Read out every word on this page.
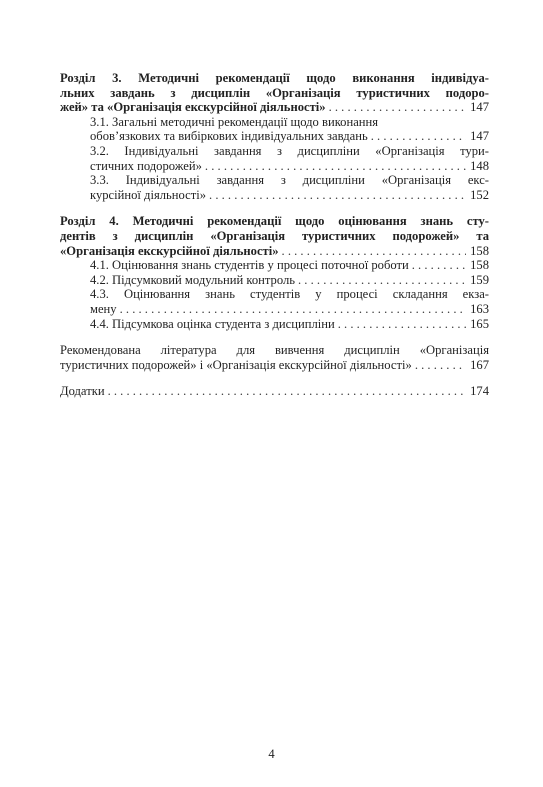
Розділ 3. Методичні рекомендації щодо виконання індивідуа-
льних завдань з дисциплін «Організація туристичних подоро-
жей» та «Організація екскурсійної діяльності» . . .	147
3.1. Загальні методичні рекомендації щодо виконання
обов’язкових та вибіркових індивідуальних завдань . . .	147
3.2. Індивідуальні завдання з дисципліни «Організація тури-
стичних подорожей» . . .	148
3.3. Індивідуальні завдання з дисципліни «Організація екс-
курсійної діяльності» . . .	152
Розділ 4. Методичні рекомендації щодо оцінювання знань сту-
дентів з дисциплін «Організація туристичних подорожей» та
«Організація екскурсійної діяльності» . . .	158
4.1. Оцінювання знань студентів у процесі поточної роботи . . .	158
4.2. Підсумковий модульний контроль . . .	159
4.3. Оцінювання знань студентів у процесі складання екза-
мену . . .	163
4.4. Підсумкова оцінка студента з дисципліни . . .	165
Рекомендована література для вивчення дисциплін «Організація
туристичних подорожей» і «Організація екскурсійної діяльності» . . .	167
Додатки . . .	174
4
